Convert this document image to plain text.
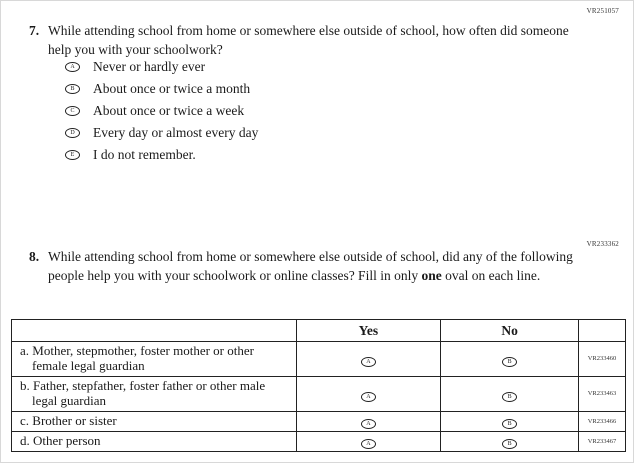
VR251057
VR233362
7. While attending school from home or somewhere else outside of school, how often did someone help you with your schoolwork?
A Never or hardly ever
B About once or twice a month
C About once or twice a week
D Every day or almost every day
E I do not remember.
8. While attending school from home or somewhere else outside of school, did any of the following people help you with your schoolwork or online classes? Fill in only one oval on each line.
	Yes	No	

a. Mother, stepmother, foster mother or other female legal guardian	A	B	VR233460

b. Father, stepfather, foster father or other male legal guardian	A	B	VR233463

c. Brother or sister	A	B	VR233466

d. Other person	A	B	VR233467
